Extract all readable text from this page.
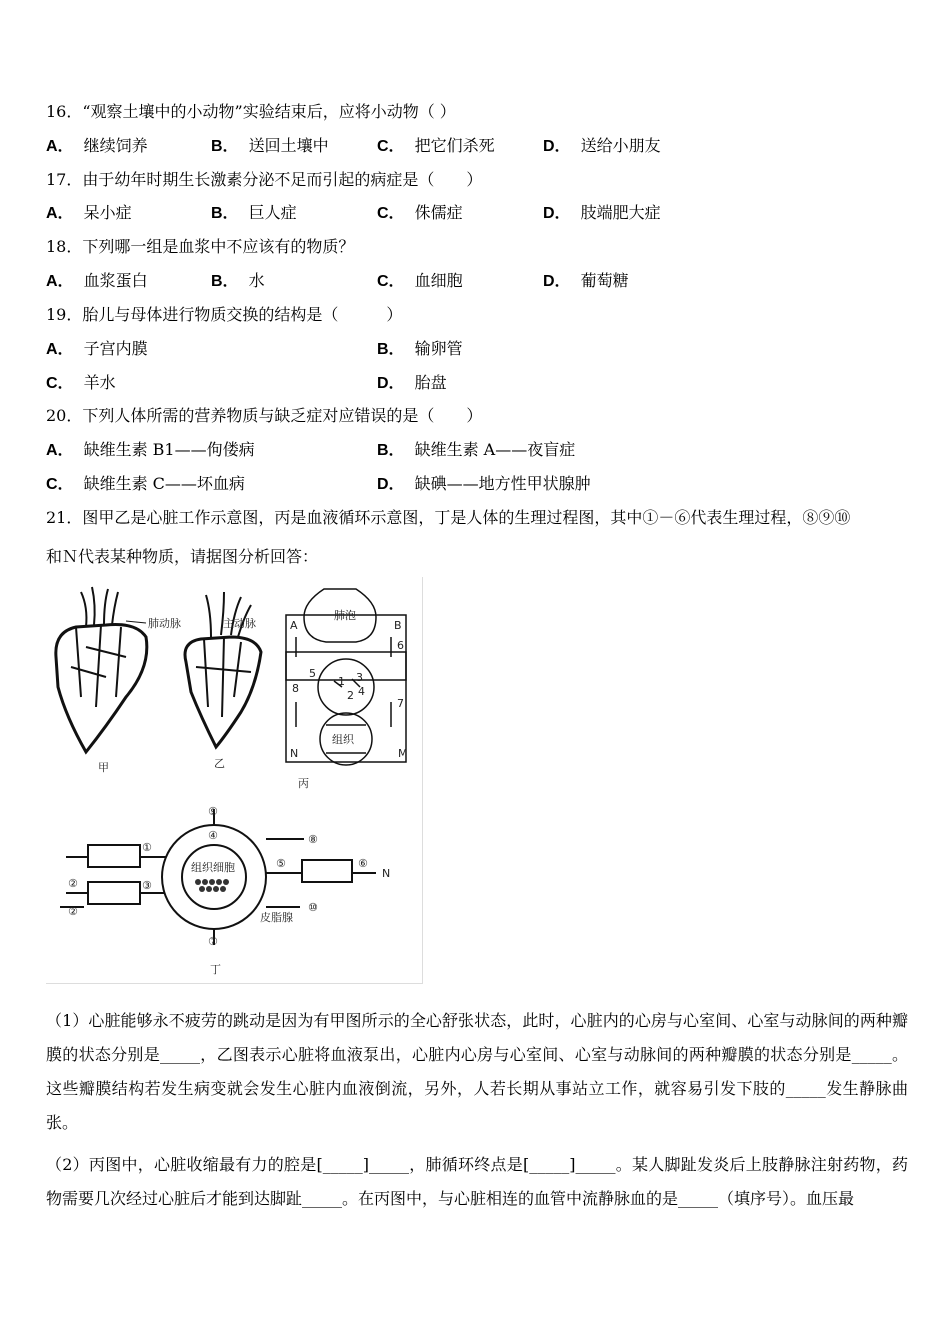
16．“观察土壤中的小动物”实验结束后，应将小动物（ ）
A． 继续饲养	B． 送回土壤中	C． 把它们杀死	D． 送给小朋友
17．由于幼年时期生长激素分泌不足而引起的病症是（　　）
A． 呆小症	B． 巨人症	C． 侏儒症	D． 肢端肥大症
18．下列哪一组是血浆中不应该有的物质？
A． 血浆蛋白	B． 水	C． 血细胞	D． 葡萄糖
19．胎儿与母体进行物质交换的结构是（　　　）
A． 子宫内膜	B． 输卵管
C． 羊水	D． 胎盘
20．下列人体所需的营养物质与缺乏症对应错误的是（　　）
A． 缺维生素 B1——佝偻病	B． 缺维生素 A——夜盲症
C． 缺维生素 C——坏血病	D． 缺碘——地方性甲状腺肿
21．图甲乙是心脏工作示意图，丙是血液循环示意图，丁是人体的生理过程图，其中①－⑥代表生理过程，⑧⑨⑩
和Ｎ代表某种物质，请据图分析回答：
肺动脉
甲
主动脉
乙
肺泡
组织
A	B
N	M
5
6
7
8
1
2
3
4
丙
组织细胞
皮脂腺
①
②
②
③
④
⑤	⑥
N
⑦
⑧
⑨
⑩
丁
（1）心脏能够永不疲劳的跳动是因为有甲图所示的全心舒张状态，此时，心脏内的心房与心室间、心室与动脉间的两种瓣膜的状态分别是_____，乙图表示心脏将血液泵出，心脏内心房与心室间、心室与动脉间的两种瓣膜的状态分别是_____。这些瓣膜结构若发生病变就会发生心脏内血液倒流，另外，人若长期从事站立工作，就容易引发下肢的_____发生静脉曲张。
（2）丙图中，心脏收缩最有力的腔是[_____]_____，肺循环终点是[_____]_____。某人脚趾发炎后上肢静脉注射药物，药物需要几次经过心脏后才能到达脚趾_____。在丙图中，与心脏相连的血管中流静脉血的是_____（填序号）。血压最
